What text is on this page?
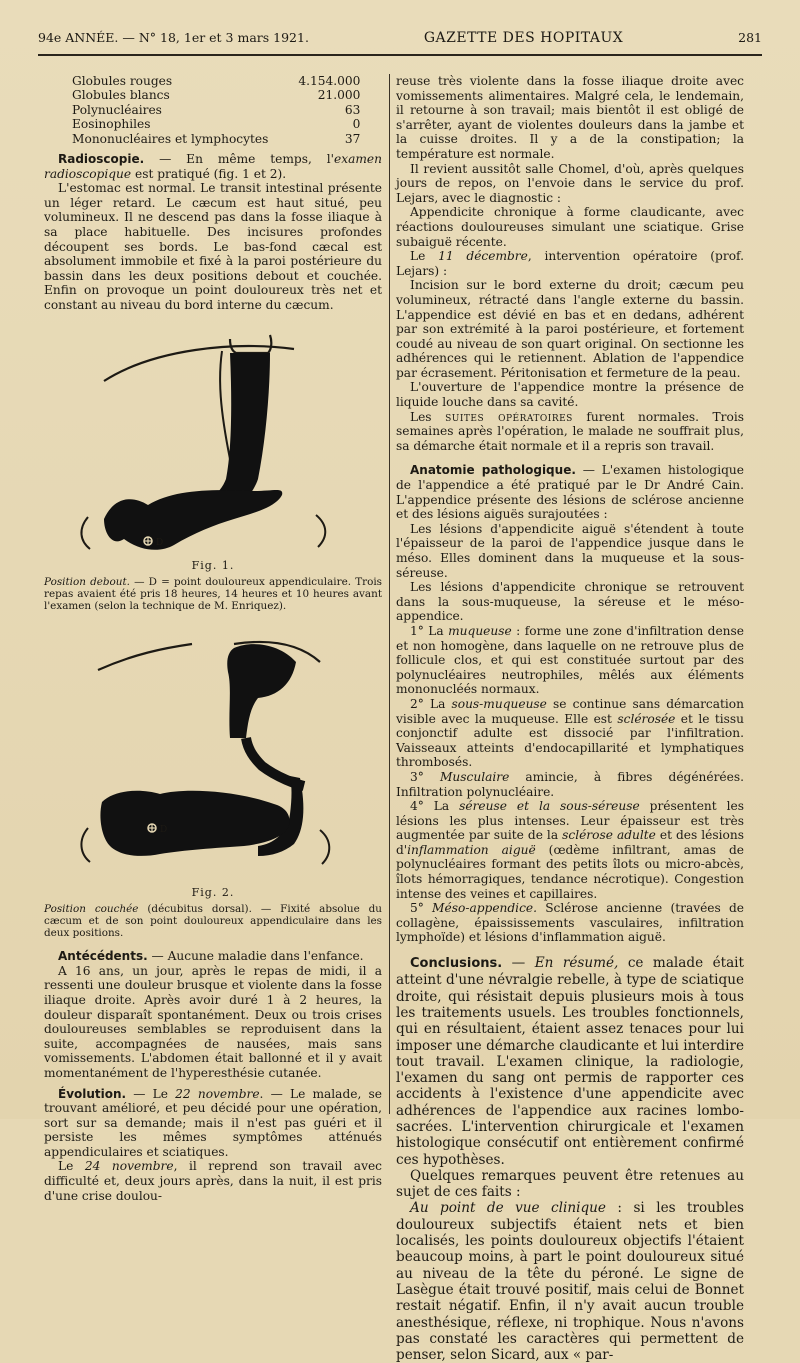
94e ANNÉE. — N° 18, 1er et 3 mars 1921.	GAZETTE DES HOPITAUX	281
Globules rouges	4.154.000
Globules blancs	21.000
Polynucléaires	63
Eosinophiles	0
Mononucléaires et lymphocytes	37

Radioscopie. — En même temps, l'examen radioscopique est pratiqué (fig. 1 et 2).

L'estomac est normal. Le transit intestinal présente un léger retard. Le cæcum est haut situé, peu volumineux. Il ne descend pas dans la fosse iliaque à sa place habituelle. Des incisures profondes découpent ses bords. Le bas-fond cæcal est absolument immobile et fixé à la paroi postérieure du bassin dans les deux positions debout et couchée. Enfin on provoque un point douloureux très net et constant au niveau du bord interne du cæcum.

D
Fig. 1.
Position debout. — D = point douloureux appendiculaire. Trois repas avaient été pris 18 heures, 14 heures et 10 heures avant l'examen (selon la technique de M. Enriquez).
D
Fig. 2.
Position couchée (décubitus dorsal). — Fixité absolue du cæcum et de son point douloureux appendiculaire dans les deux positions.

Antécédents. — Aucune maladie dans l'enfance.

A 16 ans, un jour, après le repas de midi, il a ressenti une douleur brusque et violente dans la fosse iliaque droite. Après avoir duré 1 à 2 heures, la douleur disparaît spontanément. Deux ou trois crises douloureuses semblables se reproduisent dans la suite, accompagnées de nausées, mais sans vomissements. L'abdomen était ballonné et il y avait momentanément de l'hyperesthésie cutanée.

Évolution. — Le 22 novembre. — Le malade, se trouvant amélioré, et peu décidé pour une opération, sort sur sa demande; mais il n'est pas guéri et il persiste les mêmes symptômes atténués appendiculaires et sciatiques.

Le 24 novembre, il reprend son travail avec difficulté et, deux jours après, dans la nuit, il est pris d'une crise doulou-

reuse très violente dans la fosse iliaque droite avec vomissements alimentaires. Malgré cela, le lendemain, il retourne à son travail; mais bientôt il est obligé de s'arrêter, ayant de violentes douleurs dans la jambe et la cuisse droites. Il y a de la constipation; la température est normale.

Il revient aussitôt salle Chomel, d'où, après quelques jours de repos, on l'envoie dans le service du prof. Lejars, avec le diagnostic :

Appendicite chronique à forme claudicante, avec réactions douloureuses simulant une sciatique. Grise subaiguë récente.

Le 11 décembre, intervention opératoire (prof. Lejars) :

Incision sur le bord externe du droit; cæcum peu volumineux, rétracté dans l'angle externe du bassin. L'appendice est dévié en bas et en dedans, adhérent par son extrémité à la paroi postérieure, et fortement coudé au niveau de son quart original. On sectionne les adhérences qui le retiennent. Ablation de l'appendice par écrasement. Péritonisation et fermeture de la peau.

L'ouverture de l'appendice montre la présence de liquide louche dans sa cavité.

Les suites opératoires furent normales. Trois semaines après l'opération, le malade ne souffrait plus, sa démarche était normale et il a repris son travail.

Anatomie pathologique. — L'examen histologique de l'appendice a été pratiqué par le Dr André Cain. L'appendice présente des lésions de sclérose ancienne et des lésions aiguës surajoutées :

Les lésions d'appendicite aiguë s'étendent à toute l'épaisseur de la paroi de l'appendice jusque dans le méso. Elles dominent dans la muqueuse et la sous-séreuse.

Les lésions d'appendicite chronique se retrouvent dans la sous-muqueuse, la séreuse et le méso-appendice.

1° La muqueuse : forme une zone d'infiltration dense et non homogène, dans laquelle on ne retrouve plus de follicule clos, et qui est constituée surtout par des polynucléaires neutrophiles, mêlés aux éléments mononucléés normaux.

2° La sous-muqueuse se continue sans démarcation visible avec la muqueuse. Elle est sclérosée et le tissu conjonctif adulte est dissocié par l'infiltration. Vaisseaux atteints d'endocapillarité et lymphatiques thrombosés.

3° Musculaire amincie, à fibres dégénérées. Infiltration polynucléaire.

4° La séreuse et la sous-séreuse présentent les lésions les plus intenses. Leur épaisseur est très augmentée par suite de la sclérose adulte et des lésions d'inflammation aiguë (œdème infiltrant, amas de polynucléaires formant des petits îlots ou micro-abcès, îlots hémorragiques, tendance nécrotique). Congestion intense des veines et capillaires.

5° Méso-appendice. Sclérose ancienne (travées de collagène, épaississements vasculaires, infiltration lymphoïde) et lésions d'inflammation aiguë.

Conclusions. — En résumé, ce malade était atteint d'une névralgie rebelle, à type de sciatique droite, qui résistait depuis plusieurs mois à tous les traitements usuels. Les troubles fonctionnels, qui en résultaient, étaient assez tenaces pour lui imposer une démarche claudicante et lui interdire tout travail. L'examen clinique, la radiologie, l'examen du sang ont permis de rapporter ces accidents à l'existence d'une appendicite avec adhérences de l'appendice aux racines lombo-sacrées. L'intervention chirurgicale et l'examen histologique consécutif ont entièrement confirmé ces hypothèses.

Quelques remarques peuvent être retenues au sujet de ces faits :

Au point de vue clinique : si les troubles douloureux subjectifs étaient nets et bien localisés, les points douloureux objectifs l'étaient beaucoup moins, à part le point douloureux situé au niveau de la tête du péroné. Le signe de Lasègue était trouvé positif, mais celui de Bonnet restait négatif. Enfin, il n'y avait aucun trouble anesthésique, réflexe, ni trophique. Nous n'avons pas constaté les caractères qui permettent de penser, selon Sicard, aux « par-
